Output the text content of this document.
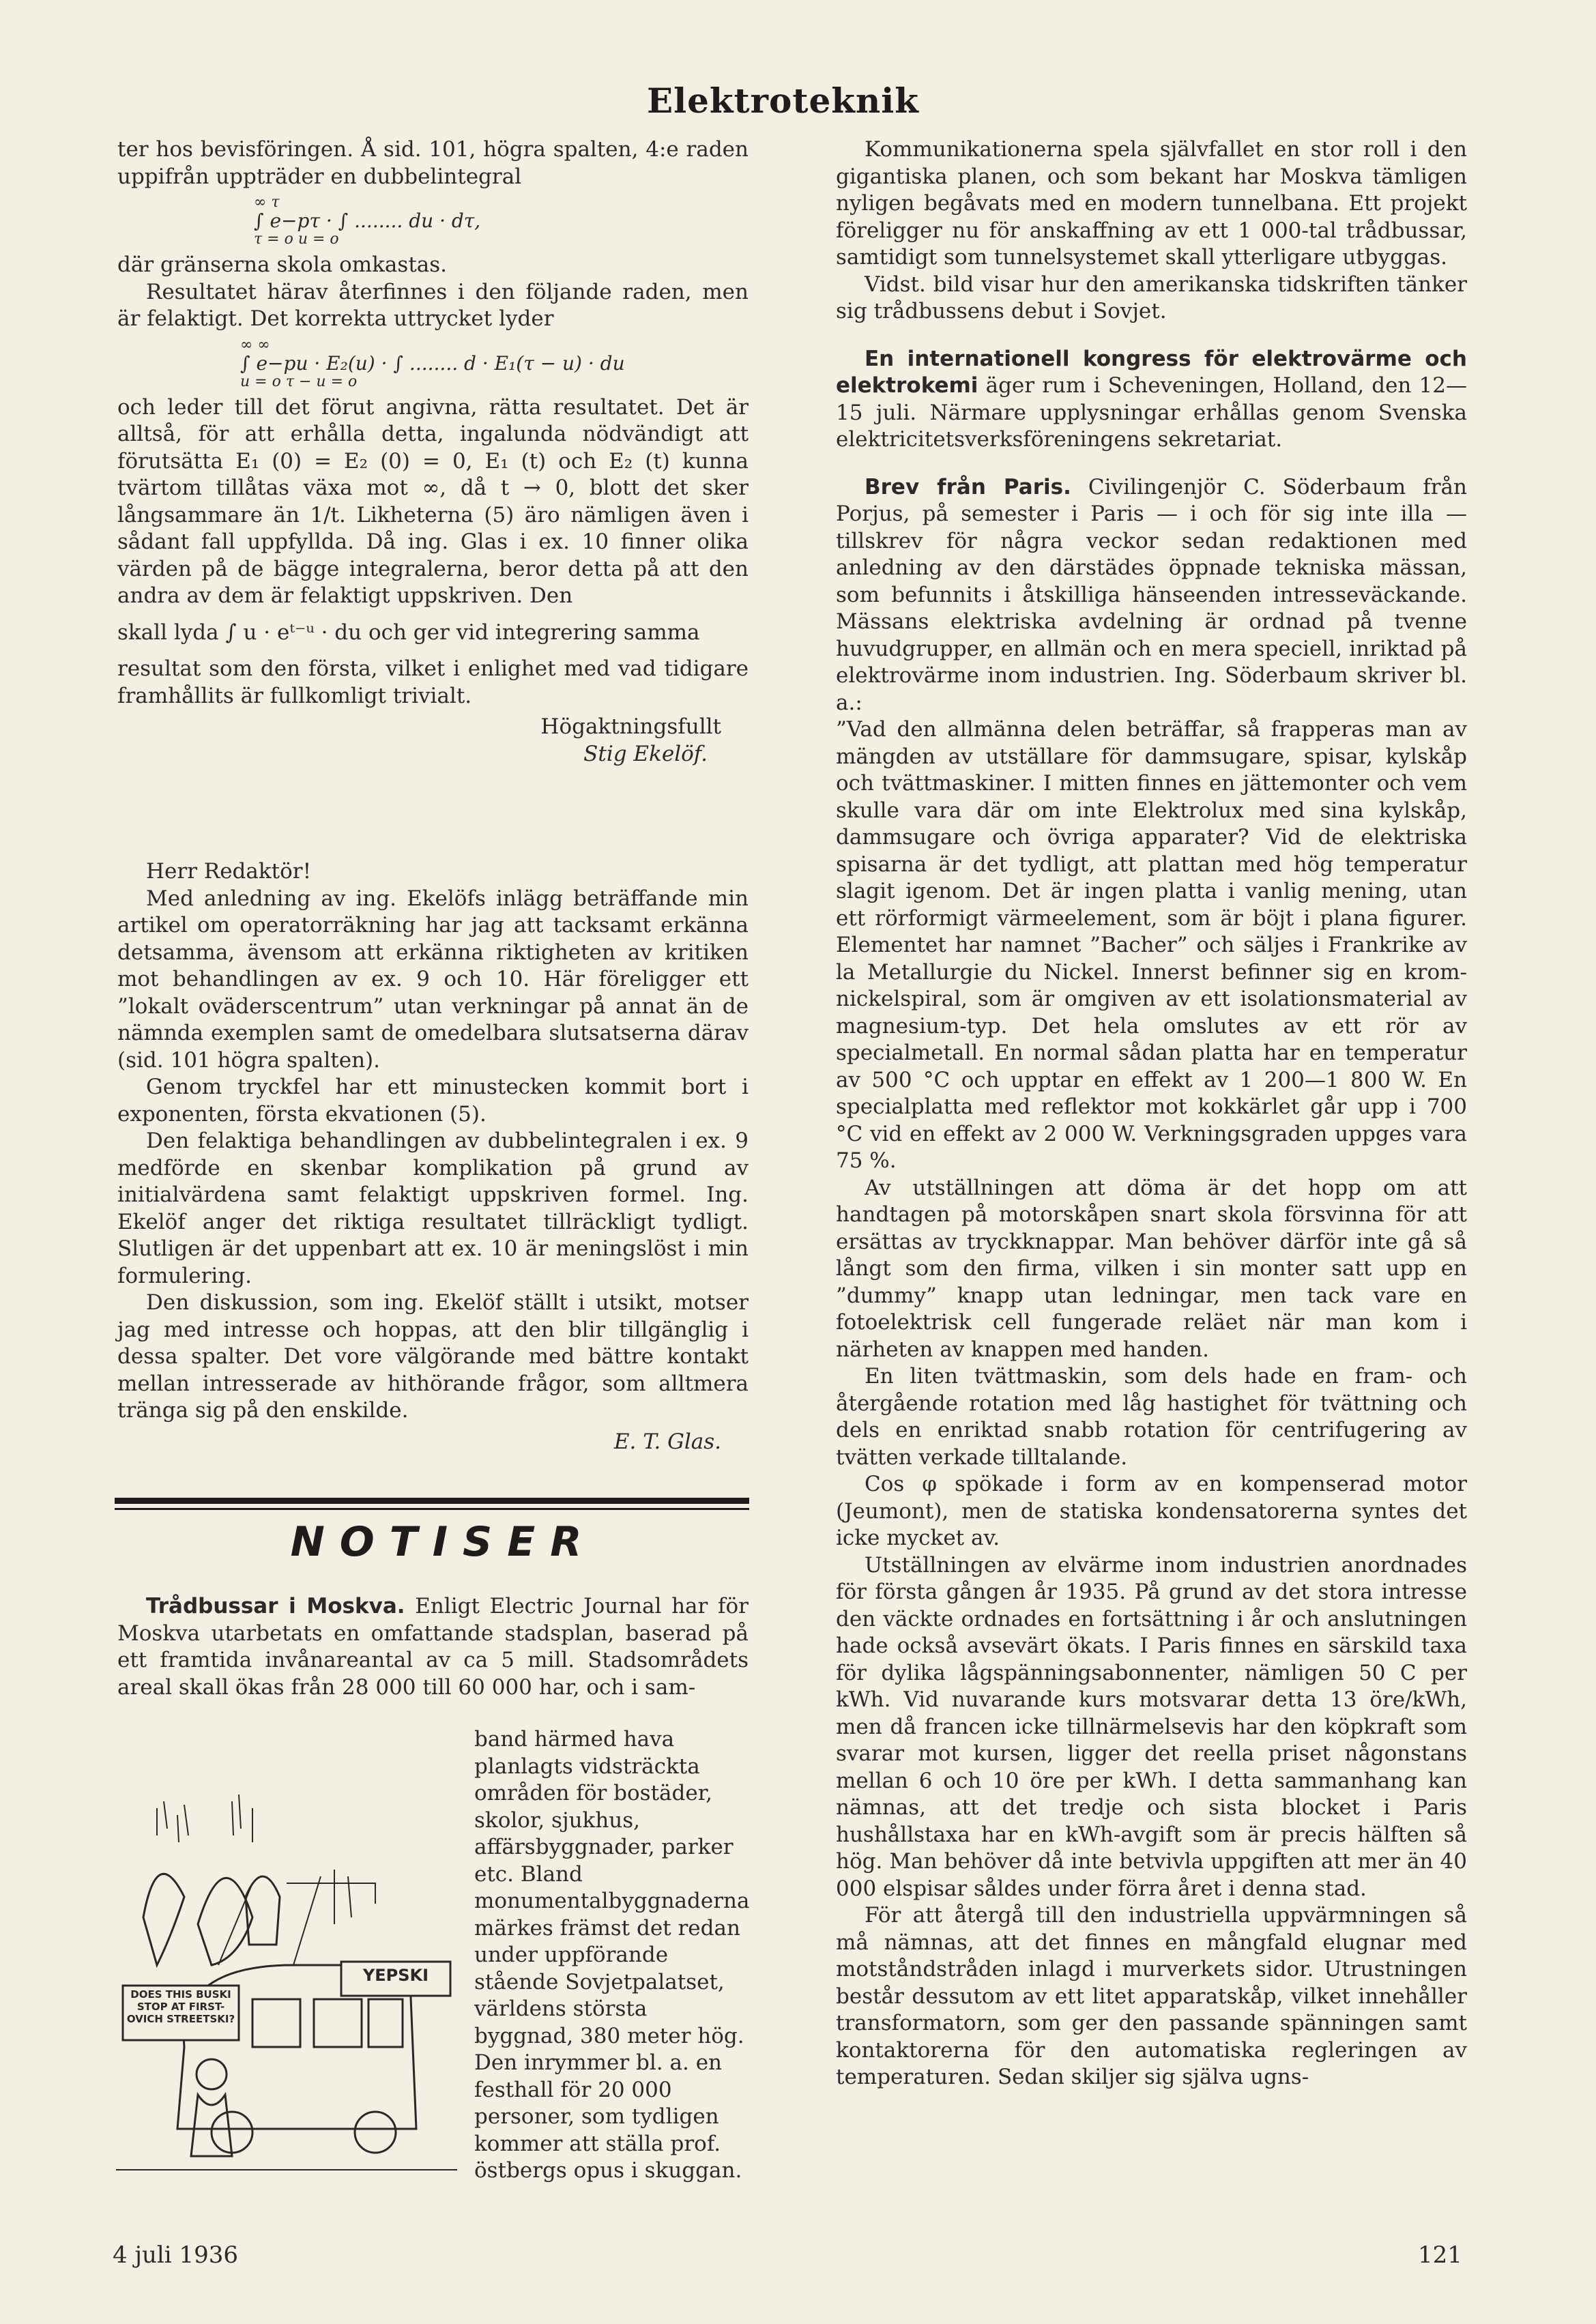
Elektroteknik

ter hos bevisföringen. Å sid. 101, högra spalten, 4:e raden uppifrån uppträder en dubbelintegral

∞ τ
∫ e−pτ · ∫ ........ du · dτ,
τ = o u = o

där gränserna skola omkastas.

Resultatet härav återfinnes i den följande raden, men är felaktigt. Det korrekta uttrycket lyder

∞ ∞
∫ e−pu · E₂(u) · ∫ ........ d · E₁(τ − u) · du
u = o τ − u = o

och leder till det förut angivna, rätta resultatet. Det är alltså, för att erhålla detta, ingalunda nödvändigt att förutsätta E₁ (0) = E₂ (0) = 0, E₁ (t) och E₂ (t) kunna tvärtom tillåtas växa mot ∞, då t → 0, blott det sker långsammare än 1/t. Likheterna (5) äro nämligen även i sådant fall uppfyllda. Då ing. Glas i ex. 10 finner olika värden på de bägge integralerna, beror detta på att den andra av dem är felaktigt uppskriven. Den

skall lyda ∫ u · eᵗ⁻ᵘ · du och ger vid integrering samma

resultat som den första, vilket i enlighet med vad tidigare framhållits är fullkomligt trivialt.

Högaktningsfullt

Stig Ekelöf.

Herr Redaktör!

Med anledning av ing. Ekelöfs inlägg beträffande min artikel om operatorräkning har jag att tacksamt erkänna detsamma, ävensom att erkänna riktigheten av kritiken mot behandlingen av ex. 9 och 10. Här föreligger ett ”lokalt oväderscentrum” utan verkningar på annat än de nämnda exemplen samt de omedelbara slutsatserna därav (sid. 101 högra spalten).

Genom tryckfel har ett minustecken kommit bort i exponenten, första ekvationen (5).

Den felaktiga behandlingen av dubbelintegralen i ex. 9 medförde en skenbar komplikation på grund av initialvärdena samt felaktigt uppskriven formel. Ing. Ekelöf anger det riktiga resultatet tillräckligt tydligt. Slutligen är det uppenbart att ex. 10 är meningslöst i min formulering.

Den diskussion, som ing. Ekelöf ställt i utsikt, motser jag med intresse och hoppas, att den blir tillgänglig i dessa spalter. Det vore välgörande med bättre kontakt mellan intresserade av hithörande frågor, som alltmera tränga sig på den enskilde.

E. T. Glas.

NOTISER

Trådbussar i Moskva. Enligt Electric Journal har för Moskva utarbetats en omfattande stadsplan, baserad på ett framtida invånareantal av ca 5 mill. Stadsområdets areal skall ökas från 28 000 till 60 000 har, och i sam-

band härmed hava planlagts vidsträckta områden för bostäder, skolor, sjukhus, affärsbyggnader, parker etc. Bland monumentalbyggnaderna märkes främst det redan under uppförande stående Sovjetpalatset, världens största byggnad, 380 meter hög. Den inrymmer bl. a. en festhall för 20 000 personer, som tydligen kommer att ställa prof. östbergs opus i skuggan.

DOES THIS BUSKI STOP AT FIRST-OVICH STREETSKI?
YEPSKI

Kommunikationerna spela självfallet en stor roll i den gigantiska planen, och som bekant har Moskva tämligen nyligen begåvats med en modern tunnelbana. Ett projekt föreligger nu för anskaffning av ett 1 000-tal trådbussar, samtidigt som tunnelsystemet skall ytterligare utbyggas.

Vidst. bild visar hur den amerikanska tidskriften tänker sig trådbussens debut i Sovjet.

En internationell kongress för elektrovärme och elektrokemi äger rum i Scheveningen, Holland, den 12—15 juli. Närmare upplysningar erhållas genom Svenska elektricitetsverksföreningens sekretariat.

Brev från Paris. Civilingenjör C. Söderbaum från Porjus, på semester i Paris — i och för sig inte illa — tillskrev för några veckor sedan redaktionen med anledning av den därstädes öppnade tekniska mässan, som befunnits i åtskilliga hänseenden intresseväckande. Mässans elektriska avdelning är ordnad på tvenne huvudgrupper, en allmän och en mera speciell, inriktad på elektrovärme inom industrien. Ing. Söderbaum skriver bl. a.:

”Vad den allmänna delen beträffar, så frapperas man av mängden av utställare för dammsugare, spisar, kylskåp och tvättmaskiner. I mitten finnes en jättemonter och vem skulle vara där om inte Elektrolux med sina kylskåp, dammsugare och övriga apparater? Vid de elektriska spisarna är det tydligt, att plattan med hög temperatur slagit igenom. Det är ingen platta i vanlig mening, utan ett rörformigt värmeelement, som är böjt i plana figurer. Elementet har namnet ”Bacher” och säljes i Frankrike av la Metallurgie du Nickel. Innerst befinner sig en krom-nickelspiral, som är omgiven av ett isolationsmaterial av magnesium-typ. Det hela omslutes av ett rör av specialmetall. En normal sådan platta har en temperatur av 500 °C och upptar en effekt av 1 200—1 800 W. En specialplatta med reflektor mot kokkärlet går upp i 700 °C vid en effekt av 2 000 W. Verkningsgraden uppges vara 75 %.

Av utställningen att döma är det hopp om att handtagen på motorskåpen snart skola försvinna för att ersättas av tryckknappar. Man behöver därför inte gå så långt som den firma, vilken i sin monter satt upp en ”dummy” knapp utan ledningar, men tack vare en fotoelektrisk cell fungerade reläet när man kom i närheten av knappen med handen.

En liten tvättmaskin, som dels hade en fram- och återgående rotation med låg hastighet för tvättning och dels en enriktad snabb rotation för centrifugering av tvätten verkade tilltalande.

Cos φ spökade i form av en kompenserad motor (Jeumont), men de statiska kondensatorerna syntes det icke mycket av.

Utställningen av elvärme inom industrien anordnades för första gången år 1935. På grund av det stora intresse den väckte ordnades en fortsättning i år och anslutningen hade också avsevärt ökats. I Paris finnes en särskild taxa för dylika lågspänningsabonnenter, nämligen 50 C per kWh. Vid nuvarande kurs motsvarar detta 13 öre/kWh, men då francen icke tillnärmelsevis har den köpkraft som svarar mot kursen, ligger det reella priset någonstans mellan 6 och 10 öre per kWh. I detta sammanhang kan nämnas, att det tredje och sista blocket i Paris hushållstaxa har en kWh-avgift som är precis hälften så hög. Man behöver då inte betvivla uppgiften att mer än 40 000 elspisar såldes under förra året i denna stad.

För att återgå till den industriella uppvärmningen så må nämnas, att det finnes en mångfald elugnar med motståndstråden inlagd i murverkets sidor. Utrustningen består dessutom av ett litet apparatskåp, vilket innehåller transformatorn, som ger den passande spänningen samt kontaktorerna för den automatiska regleringen av temperaturen. Sedan skiljer sig själva ugns-

4 juli 1936	121
